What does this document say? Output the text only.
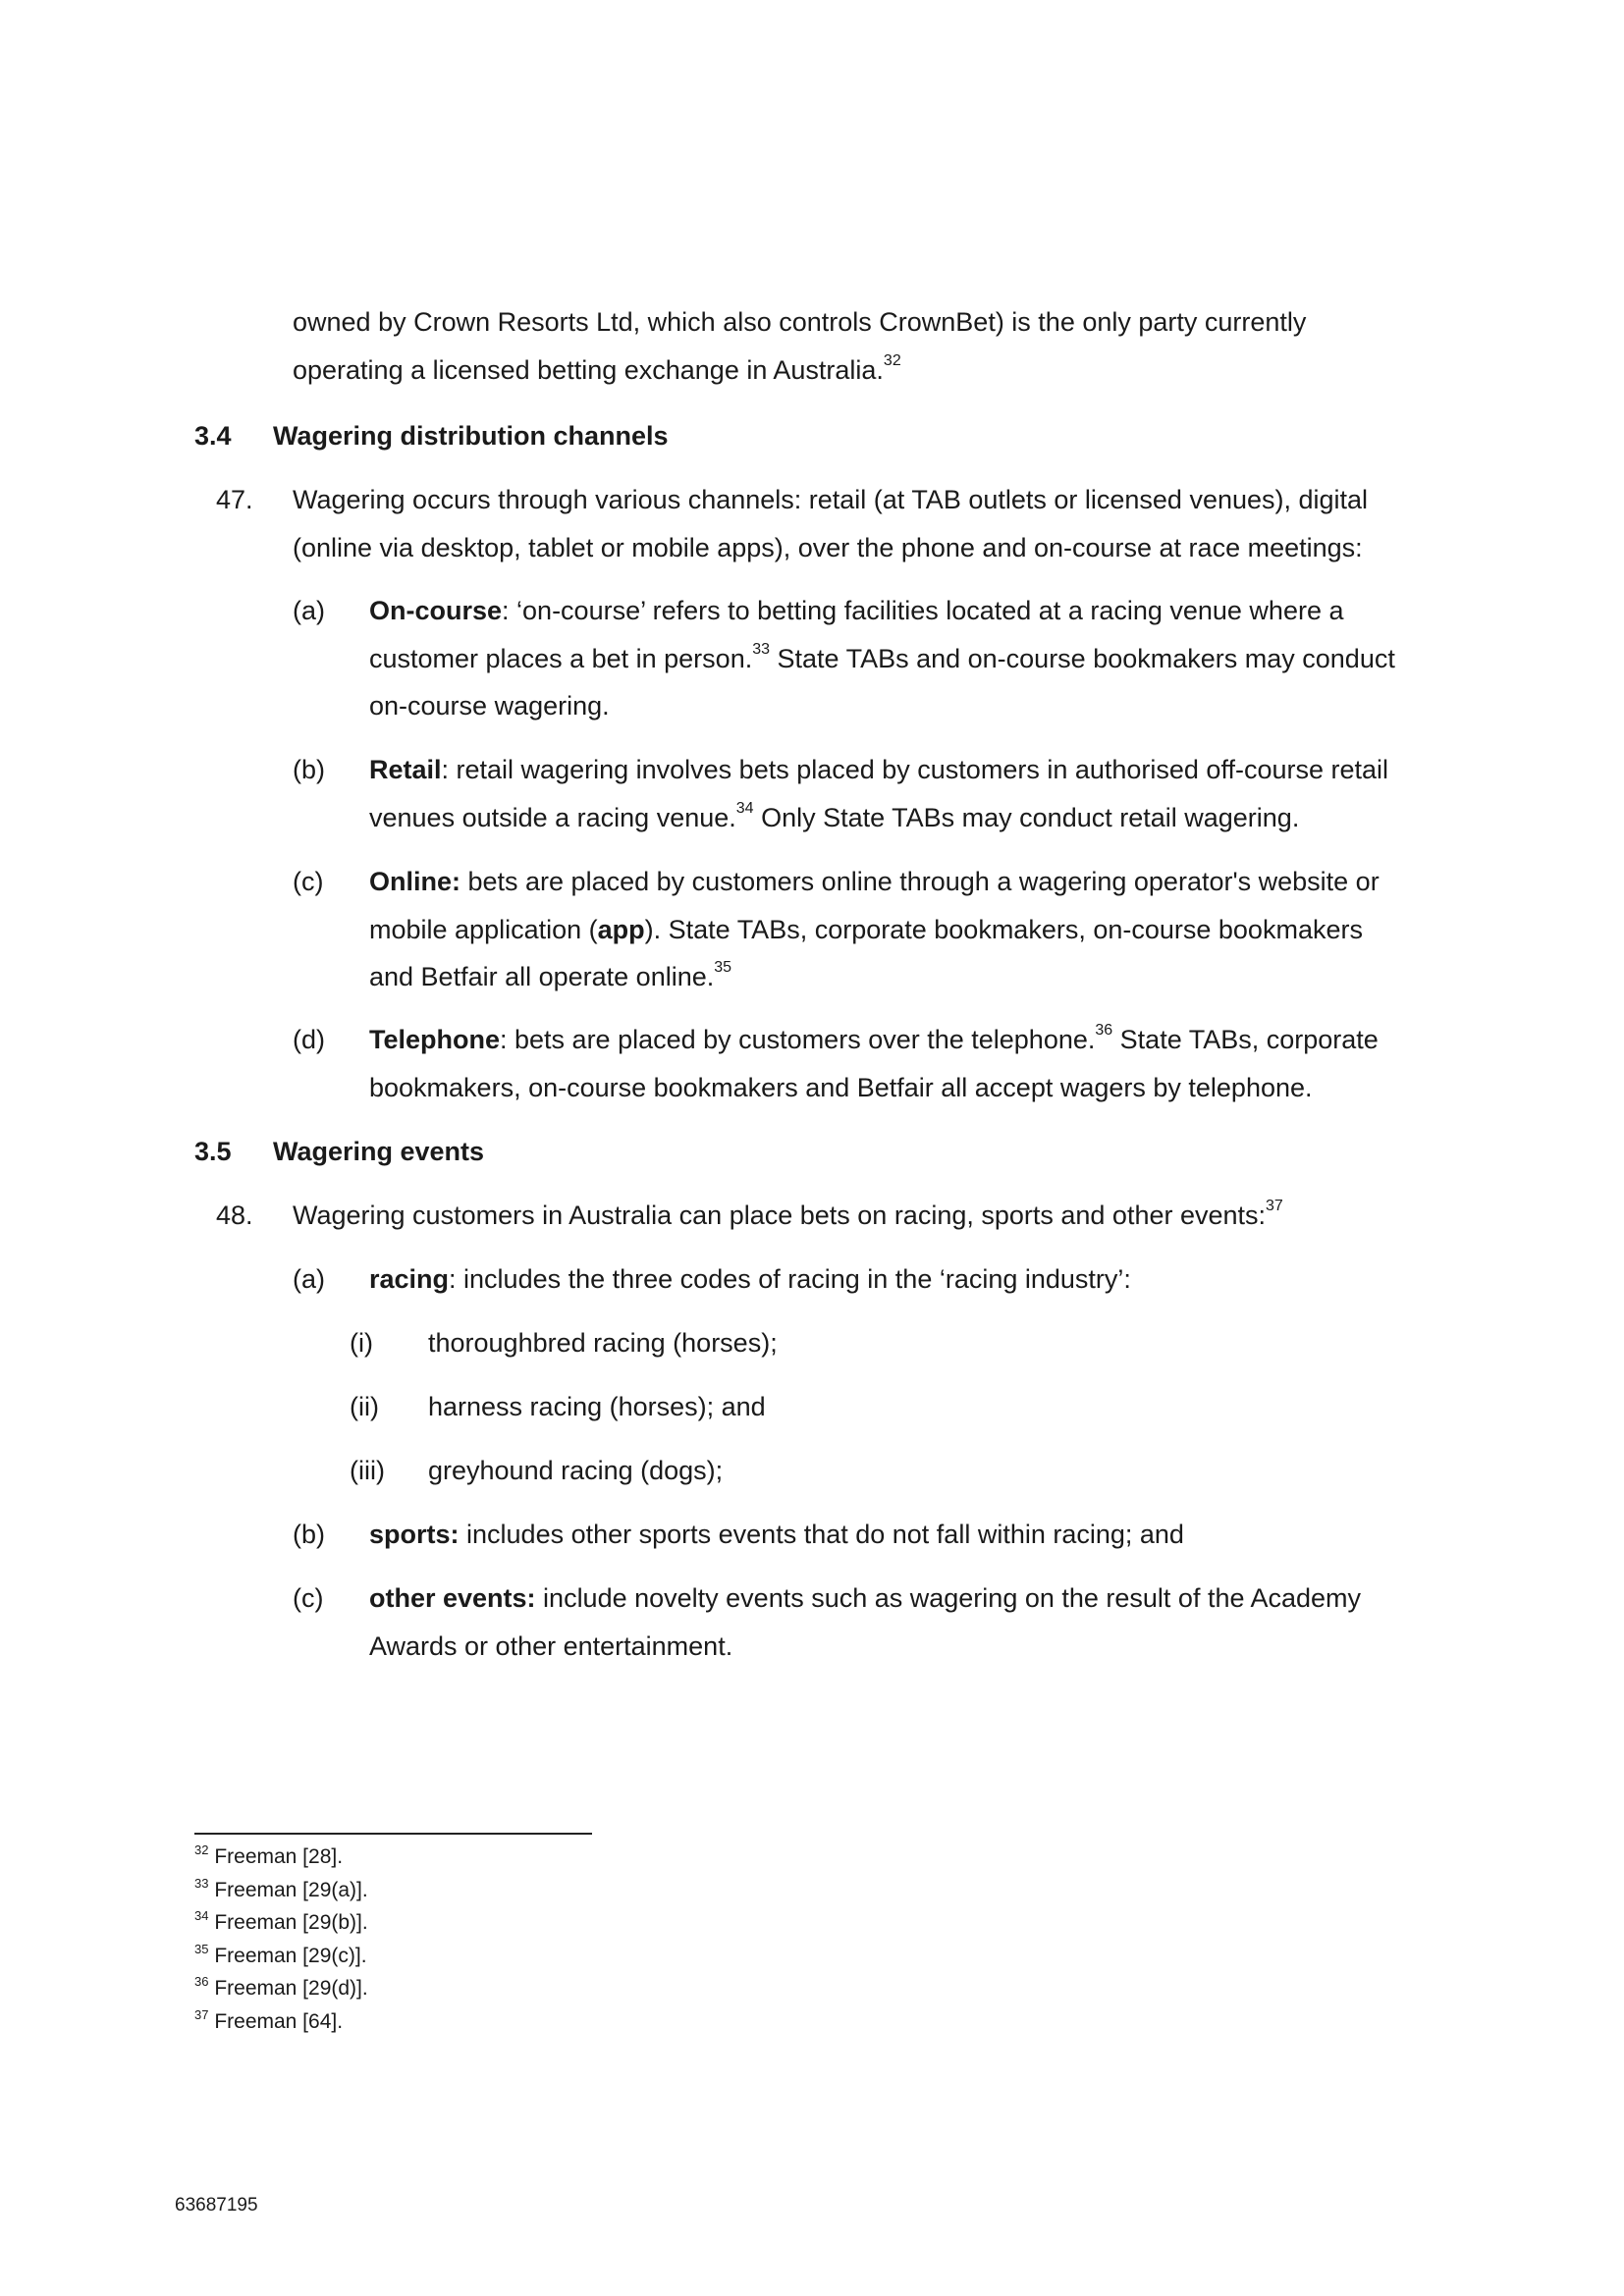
owned by Crown Resorts Ltd, which also controls CrownBet) is the only party currently
operating a licensed betting exchange in Australia.$^{32}$
3.4 Wagering distribution channels
47. Wagering occurs through various channels: retail (at TAB outlets or licensed venues), digital
(online via desktop, tablet or mobile apps), over the phone and on-course at race meetings:
(a) On-course: ‘on-course’ refers to betting facilities located at a racing venue where a
customer places a bet in person.$^{33}$ State TABs and on-course bookmakers may conduct
on-course wagering.
(b) Retail: retail wagering involves bets placed by customers in authorised off-course retail
venues outside a racing venue.$^{34}$ Only State TABs may conduct retail wagering.
(c) Online: bets are placed by customers online through a wagering operator's website or
mobile application (app). State TABs, corporate bookmakers, on-course bookmakers
and Betfair all operate online.$^{35}$
(d) Telephone: bets are placed by customers over the telephone.$^{36}$ State TABs, corporate
bookmakers, on-course bookmakers and Betfair all accept wagers by telephone.
3.5 Wagering events
48. Wagering customers in Australia can place bets on racing, sports and other events:$^{37}$
(a) racing: includes the three codes of racing in the ‘racing industry’:
(i) thoroughbred racing (horses);
(ii) harness racing (horses); and
(iii) greyhound racing (dogs);
(b) sports: includes other sports events that do not fall within racing; and
(c) other events: include novelty events such as wagering on the result of the Academy
Awards or other entertainment.
$^{32}$ Freeman [28].
$^{33}$ Freeman [29(a)].
$^{34}$ Freeman [29(b)].
$^{35}$ Freeman [29(c)].
$^{36}$ Freeman [29(d)].
$^{37}$ Freeman [64].
63687195
